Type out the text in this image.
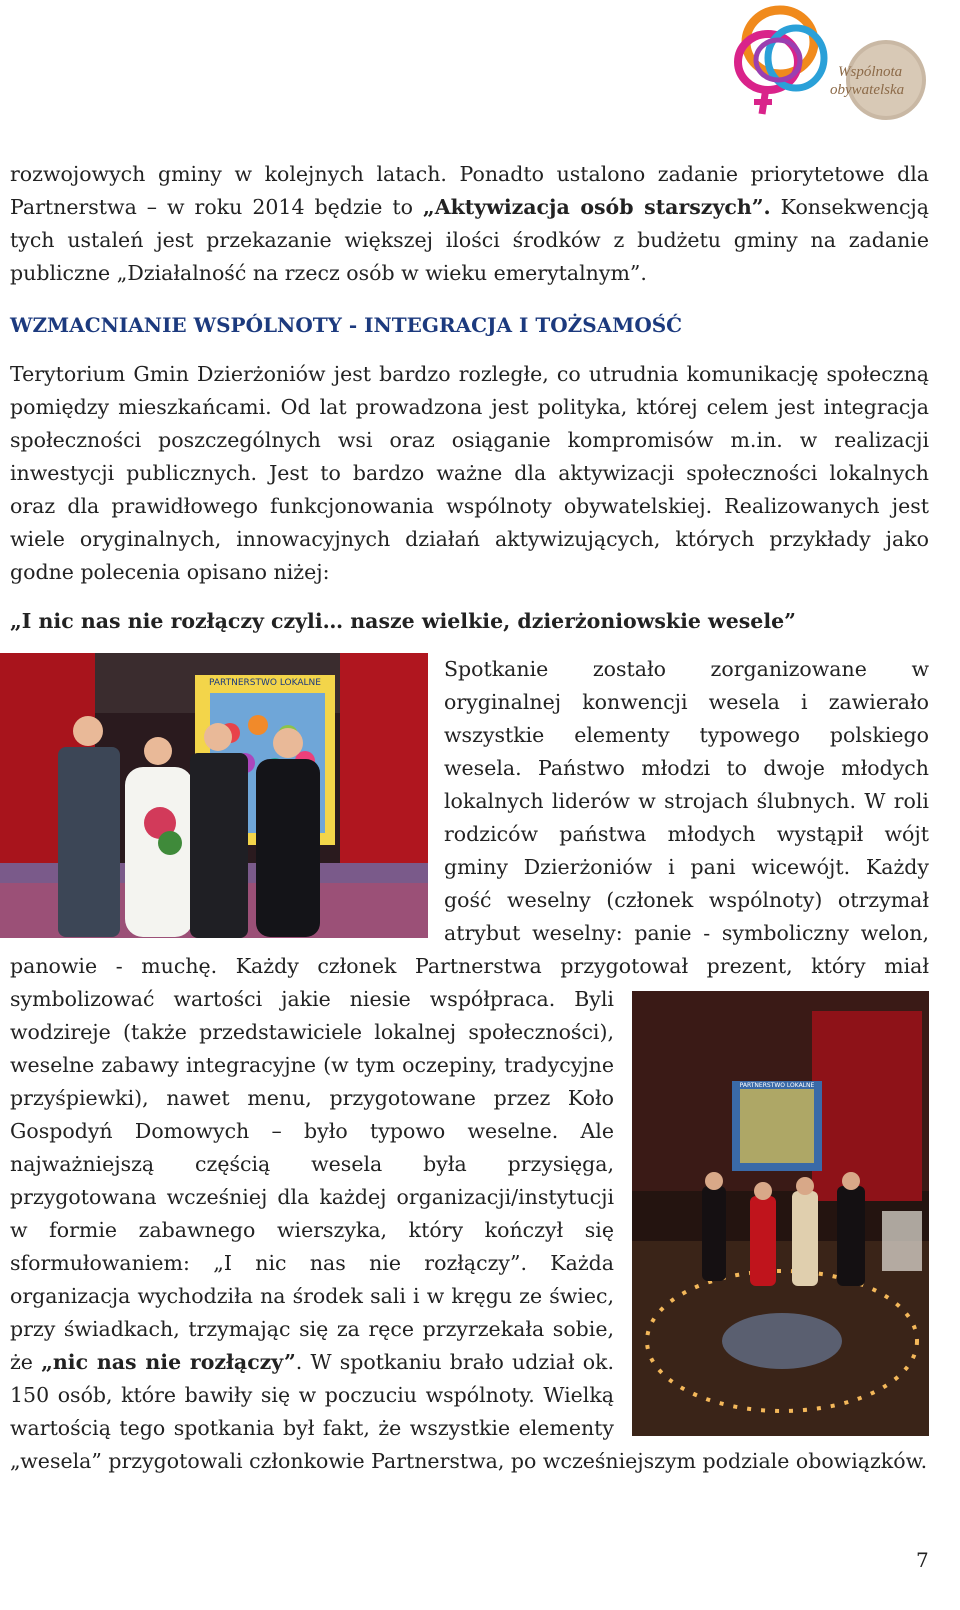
Wspólnota
obywatelska

rozwojowych gminy w kolejnych latach. Ponadto ustalono zadanie priorytetowe dla Partnerstwa – w roku 2014 będzie to „Aktywizacja osób starszych”. Konsekwencją tych ustaleń jest przekazanie większej ilości środków z budżetu gminy na zadanie publiczne „Działalność na rzecz osób w wieku emerytalnym”.

WZMACNIANIE WSPÓLNOTY - INTEGRACJA I TOŻSAMOŚĆ

Terytorium Gmin Dzierżoniów jest bardzo rozległe, co utrudnia komunikację społeczną pomiędzy mieszkańcami. Od lat prowadzona jest polityka, której celem jest integracja społeczności poszczególnych wsi oraz osiąganie kompromisów m.in. w realizacji inwestycji publicznych. Jest to bardzo ważne dla aktywizacji społeczności lokalnych oraz dla prawidłowego funkcjonowania wspólnoty obywatelskiej. Realizowanych jest wiele oryginalnych, innowacyjnych działań aktywizujących, których przykłady jako godne polecenia opisano niżej:

„I nic nas nie rozłączy czyli… nasze wielkie, dzierżoniowskie wesele”
PARTNERSTWO LOKALNE

Spotkanie zostało zorganizowane w oryginalnej konwencji wesela i zawierało wszystkie elementy typowego polskiego wesela. Państwo młodzi to dwoje młodych lokalnych liderów w strojach ślubnych. W roli rodziców państwa młodych wystąpił wójt gminy Dzierżoniów i pani wicewójt. Każdy gość weselny (członek wspólnoty) otrzymał atrybut weselny: panie - symboliczny welon, panowie - muchę. Każdy członek Partnerstwa przygotował prezent, który miał symbolizować wartości jakie niesie współpraca.
PARTNERSTWO LOKALNE
Byli wodzireje (także przedstawiciele lokalnej społeczności), weselne zabawy integracyjne (w tym oczepiny, tradycyjne przyśpiewki), nawet menu, przygotowane przez Koło Gospodyń Domowych – było typowo weselne. Ale najważniejszą częścią wesela była przysięga, przygotowana wcześniej dla każdej organizacji/instytucji w formie zabawnego wierszyka, który kończył się sformułowaniem: „I nic nas nie rozłączy”. Każda organizacja wychodziła na środek sali i w kręgu ze świec, przy świadkach, trzymając się za ręce przyrzekała sobie, że „nic nas nie rozłączy”. W spotkaniu brało udział ok. 150 osób, które bawiły się w poczuciu wspólnoty. Wielką wartością tego spotkania był fakt, że wszystkie elementy „wesela” przygotowali członkowie Partnerstwa, po wcześniejszym podziale obowiązków.

7
